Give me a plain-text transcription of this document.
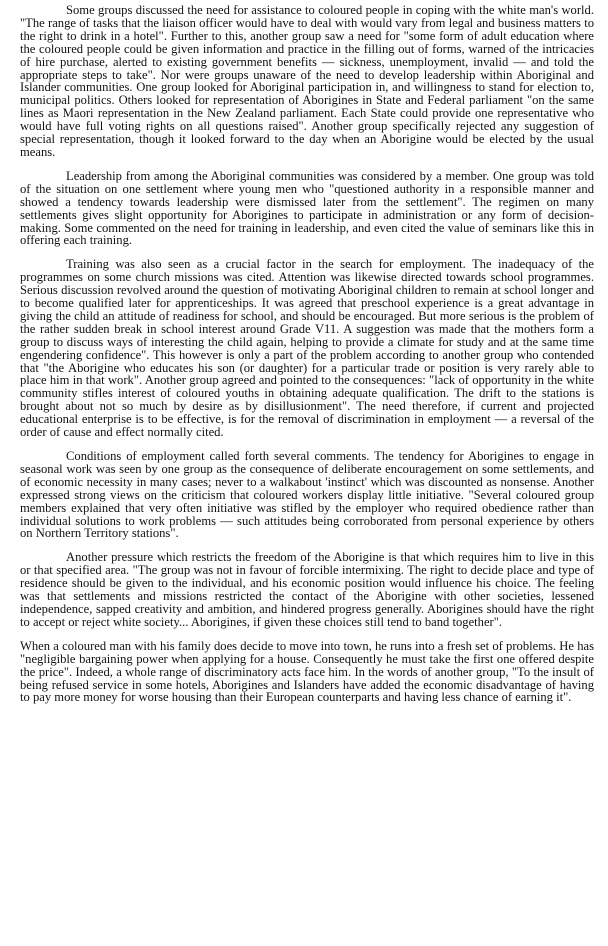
Some groups discussed the need for assistance to coloured people in coping with the white man's world. "The range of tasks that the liaison officer would have to deal with would vary from legal and business matters to the right to drink in a hotel". Further to this, another group saw a need for "some form of adult education where the coloured people could be given information and practice in the filling out of forms, warned of the intricacies of hire purchase, alerted to existing government benefits — sickness, unemployment, invalid — and told the appropriate steps to take". Nor were groups unaware of the need to develop leadership within Aboriginal and Islander communities. One group looked for Aboriginal participation in, and willingness to stand for election to, municipal politics. Others looked for representation of Aborigines in State and Federal parliament "on the same lines as Maori representation in the New Zealand parliament. Each State could provide one representative who would have full voting rights on all questions raised". Another group specifically rejected any suggestion of special representation, though it looked forward to the day when an Aborigine would be elected by the usual means.

Leadership from among the Aboriginal communities was considered by a member. One group was told of the situation on one settlement where young men who "questioned authority in a responsible manner and showed a tendency towards leadership were dismissed later from the settlement". The regimen on many settlements gives slight opportunity for Aborigines to participate in administration or any form of decision-making. Some commented on the need for training in leadership, and even cited the value of seminars like this in offering each training.

Training was also seen as a crucial factor in the search for employment. The inadequacy of the programmes on some church missions was cited. Attention was likewise directed towards school programmes. Serious discussion revolved around the question of motivating Aboriginal children to remain at school longer and to become qualified later for apprenticeships. It was agreed that preschool experience is a great advantage in giving the child an attitude of readiness for school, and should be encouraged. But more serious is the problem of the rather sudden break in school interest around Grade V11. A suggestion was made that the mothers form a group to discuss ways of interesting the child again, helping to provide a climate for study and at the same time engendering confidence". This however is only a part of the problem according to another group who contended that "the Aborigine who educates his son (or daughter) for a particular trade or position is very rarely able to place him in that work". Another group agreed and pointed to the consequences: "lack of opportunity in the white community stifles interest of coloured youths in obtaining adequate qualification. The drift to the stations is brought about not so much by desire as by disillusionment". The need therefore, if current and projected educational enterprise is to be effective, is for the removal of discrimination in employment — a reversal of the order of cause and effect normally cited.

Conditions of employment called forth several comments. The tendency for Aborigines to engage in seasonal work was seen by one group as the consequence of deliberate encouragement on some settlements, and of economic necessity in many cases; never to a walkabout 'instinct' which was discounted as nonsense. Another expressed strong views on the criticism that coloured workers display little initiative. "Several coloured group members explained that very often initiative was stifled by the employer who required obedience rather than individual solutions to work problems — such attitudes being corroborated from personal experience by others on Northern Territory stations".

Another pressure which restricts the freedom of the Aborigine is that which requires him to live in this or that specified area. "The group was not in favour of forcible intermixing. The right to decide place and type of residence should be given to the individual, and his economic position would influence his choice. The feeling was that settlements and missions restricted the contact of the Aborigine with other societies, lessened independence, sapped creativity and ambition, and hindered progress generally. Aborigines should have the right to accept or reject white society... Aborigines, if given these choices still tend to band together".

When a coloured man with his family does decide to move into town, he runs into a fresh set of problems. He has "negligible bargaining power when applying for a house. Consequently he must take the first one offered despite the price". Indeed, a whole range of discriminatory acts face him. In the words of another group, "To the insult of being refused service in some hotels, Aborigines and Islanders have added the economic disadvantage of having to pay more money for worse housing than their European counterparts and having less chance of earning it".
